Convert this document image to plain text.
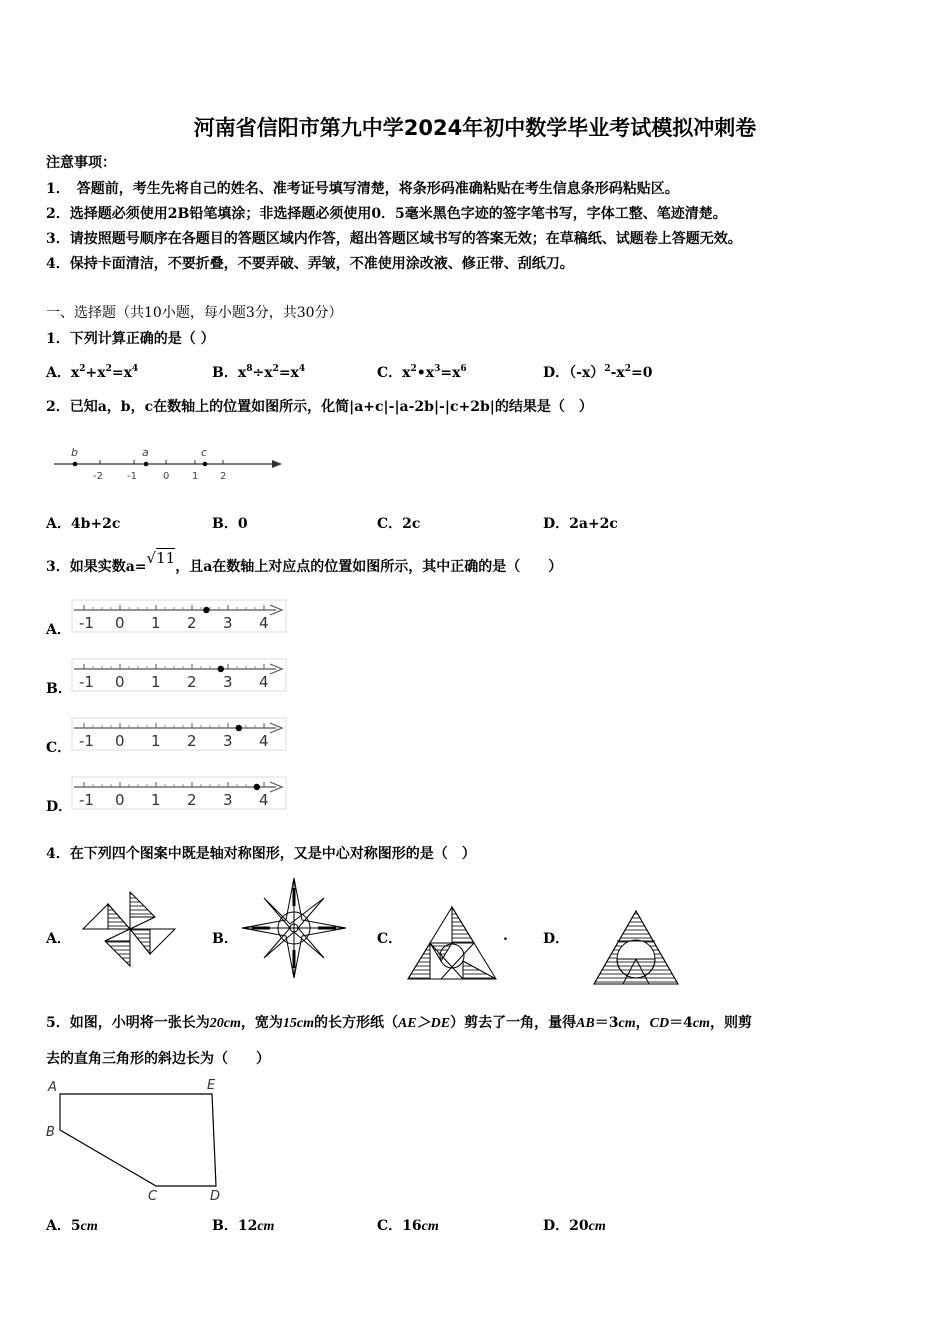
河南省信阳市第九中学2024年初中数学毕业考试模拟冲刺卷
注意事项：
1．　答题前，考生先将自己的姓名、准考证号填写清楚，将条形码准确粘贴在考生信息条形码粘贴区。
2．选择题必须使用2B铅笔填涂；非选择题必须使用0．5毫米黑色字迹的签字笔书写，字体工整、笔迹清楚。
3．请按照题号顺序在各题目的答题区域内作答，超出答题区域书写的答案无效；在草稿纸、试题卷上答题无效。
4．保持卡面清洁，不要折叠，不要弄破、弄皱，不准使用涂改液、修正带、刮纸刀。
一、选择题（共10小题，每小题3分，共30分）
1．下列计算正确的是（ ）
A．$x^2+x^2=x^4$	B．$x^8\div x^2=x^4$	C．$x^2•x^3=x^6$	D．$(-x)^2-x^2=0$
2．已知a，b，c在数轴上的位置如图所示，化简|a+c|-|a-2b|-|c+2b|的结果是（　）
b	a	c
-2 -1	0 1 2
A．4b+2c	B．0	C．2c	D．2a+2c
3．如果实数a=√11，且a在数轴上对应点的位置如图所示，其中正确的是（　　）
A． -1 0 1 2 3 4
B． -1 0 1 2 3 4
C． -1 0 1 2 3 4
D． -1 0 1 2 3 4
4．在下列四个图案中既是轴对称图形，又是中心对称图形的是（　）
A．	B．	C．	.	D．
5．如图，小明将一张长为20cm，宽为15cm的长方形纸（AE＞DE）剪去了一角，量得AB＝3cm，CD＝4cm，则剪
去的直角三角形的斜边长为（　　）
A	E
B
C	D
A．5cm	B．12cm	C．16cm	D．20cm
